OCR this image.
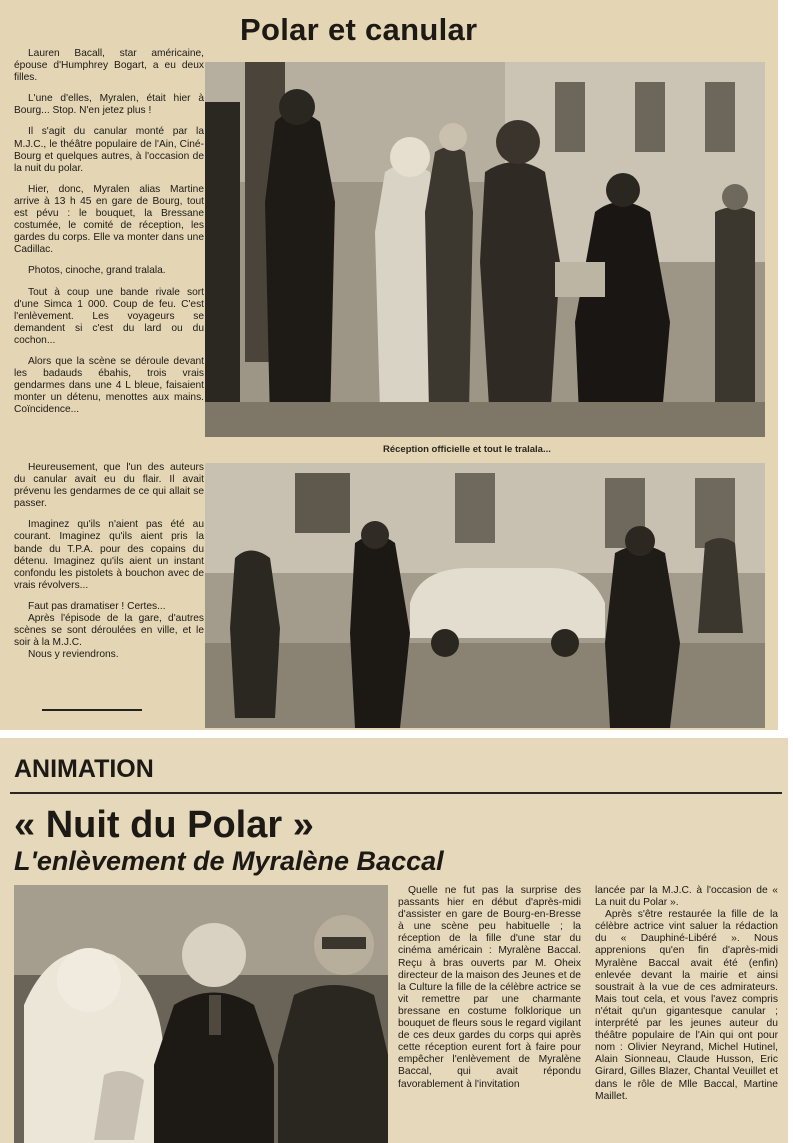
Polar et canular

Lauren Bacall, star américaine, épouse d'Humphrey Bogart, a eu deux filles.

L'une d'elles, Myralen, était hier à Bourg... Stop. N'en jetez plus !

Il s'agit du canular monté par la M.J.C., le théâtre populaire de l'Ain, Ciné-Bourg et quelques autres, à l'occasion de la nuit du polar.

Hier, donc, Myralen alias Martine arrive à 13 h 45 en gare de Bourg, tout est pévu : le bouquet, la Bressane costumée, le comité de réception, les gardes du corps. Elle va monter dans une Cadillac.

Photos, cinoche, grand tralala.

Tout à coup une bande rivale sort d'une Simca 1 000. Coup de feu. C'est l'enlèvement. Les voyageurs se demandent si c'est du lard ou du cochon...

Alors que la scène se déroule devant les badauds ébahis, trois vrais gendarmes dans une 4 L bleue, faisaient monter un détenu, menottes aux mains. Coïncidence...

Heureusement, que l'un des auteurs du canular avait eu du flair. Il avait prévenu les gendarmes de ce qui allait se passer.

Imaginez qu'ils n'aient pas été au courant. Imaginez qu'ils aient pris la bande du T.P.A. pour des copains du détenu. Imaginez qu'ils aient un instant confondu les pistolets à bouchon avec de vrais révolvers...

Faut pas dramatiser ! Certes...

Après l'épisode de la gare, d'autres scènes se sont déroulées en ville, et le soir à la M.J.C.

Nous y reviendrons.

Réception officielle et tout le tralala...
ANIMATION
« Nuit du Polar »
L'enlèvement de Myralène Baccal

Quelle ne fut pas la surprise des passants hier en début d'après-midi d'assister en gare de Bourg-en-Bresse à une scène peu habituelle ; la réception de la fille d'une star du cinéma américain : Myralène Baccal. Reçu à bras ouverts par M. Oheix directeur de la maison des Jeunes et de la Culture la fille de la célèbre actrice se vit remettre par une charmante bressane en costume folklorique un bouquet de fleurs sous le regard vigilant de ces deux gardes du corps qui après cette réception eurent fort à faire pour empêcher l'enlèvement de Myralène Baccal, qui avait répondu favorablement à l'invitation

lancée par la M.J.C. à l'occasion de « La nuit du Polar ».

Après s'être restaurée la fille de la célèbre actrice vint saluer la rédaction du « Dauphiné-Libéré ». Nous apprenions qu'en fin d'après-midi Myralène Baccal avait été (enfin) enlevée devant la mairie et ainsi soustrait à la vue de ces admirateurs. Mais tout cela, et vous l'avez compris n'était qu'un gigantesque canular ; interprété par les jeunes auteur du théâtre populaire de l'Ain qui ont pour nom : Olivier Neyrand, Michel Hutinel, Alain Sionneau, Claude Husson, Eric Girard, Gilles Blazer, Chantal Veuillet et dans le rôle de Mlle Baccal, Martine Maillet.
